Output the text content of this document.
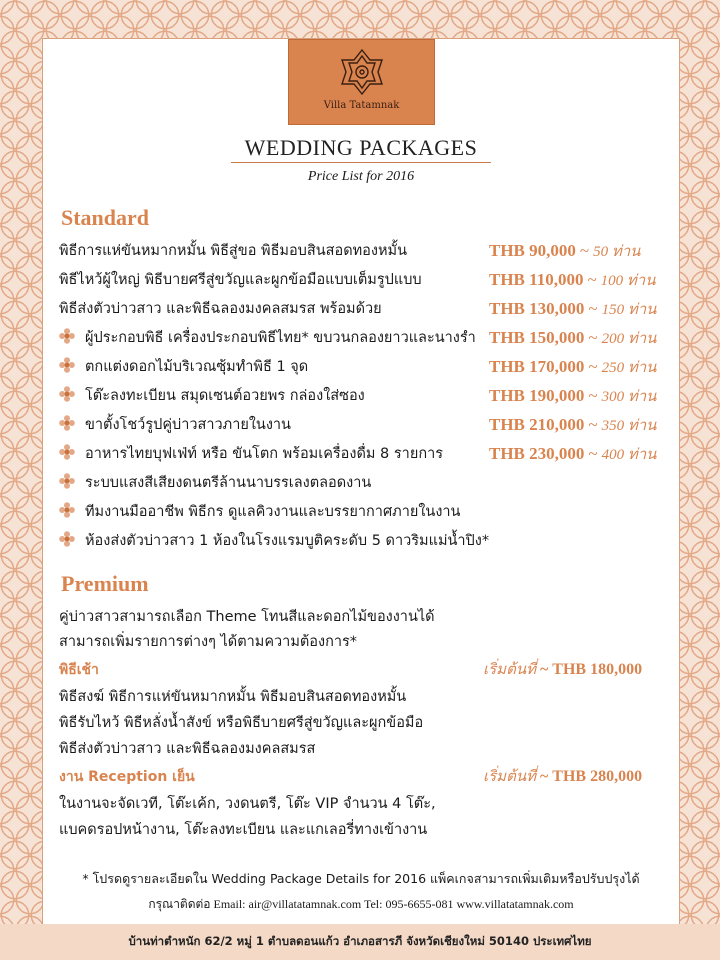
Villa Tatamnak
WEDDING PACKAGES
Price List for 2016
Standard
พิธีการแห่ขันหมากหมั้น พิธีสู่ขอ พิธีมอบสินสอดทองหมั้น	THB 90,000 ~ 50 ท่าน
พิธีไหว้ผู้ใหญ่ พิธีบายศรีสู่ขวัญและผูกข้อมือแบบเต็มรูปแบบ	THB 110,000 ~ 100 ท่าน
พิธีส่งตัวบ่าวสาว และพิธีฉลองมงคลสมรส พร้อมด้วย	THB 130,000 ~ 150 ท่าน
ผู้ประกอบพิธี เครื่องประกอบพิธีไทย* ขบวนกลองยาวและนางรำ THB 150,000 ~ 200 ท่าน
ตกแต่งดอกไม้บริเวณซุ้มทำพิธี 1 จุด	THB 170,000 ~ 250 ท่าน
โต๊ะลงทะเบียน สมุดเซนต์อวยพร กล่องใส่ซอง	THB 190,000 ~ 300 ท่าน
ขาตั้งโชว์รูปคู่บ่าวสาวภายในงาน	THB 210,000 ~ 350 ท่าน
อาหารไทยบุฟเฟ่ท์ หรือ ขันโตก พร้อมเครื่องดื่ม 8 รายการ	THB 230,000 ~ 400 ท่าน
ระบบแสงสีเสียงดนตรีล้านนาบรรเลงตลอดงาน
ทีมงานมืออาชีพ พิธีกร ดูแลคิวงานและบรรยากาศภายในงาน
ห้องส่งตัวบ่าวสาว 1 ห้องในโรงแรมบูติคระดับ 5 ดาวริมแม่น้ำปิง*
Premium
คู่บ่าวสาวสามารถเลือก Theme โทนสีและดอกไม้ของงานได้
สามารถเพิ่มรายการต่างๆ ได้ตามความต้องการ*
พิธีเช้า	เริ่มต้นที่ ~ THB 180,000
พิธีสงฆ์ พิธีการแห่ขันหมากหมั้น พิธีมอบสินสอดทองหมั้น
พิธีรับไหว้ พิธีหลั่งน้ำสังข์ หรือพิธีบายศรีสู่ขวัญและผูกข้อมือ
พิธีส่งตัวบ่าวสาว และพิธีฉลองมงคลสมรส
งาน Reception เย็น	เริ่มต้นที่ ~ THB 280,000
ในงานจะจัดเวที, โต๊ะเค้ก, วงดนตรี, โต๊ะ VIP จำนวน 4 โต๊ะ,
แบคดรอปหน้างาน, โต๊ะลงทะเบียน และแกเลอรี่ทางเข้างาน
* โปรดดูรายละเอียดใน Wedding Package Details for 2016 แพ็คเกจสามารถเพิ่มเติมหรือปรับปรุงได้
กรุณาติดต่อ Email: air@villatatamnak.com Tel: 095-6655-081 www.villatatamnak.com
บ้านท่าตำหนัก 62/2 หมู่ 1 ตำบลดอนแก้ว อำเภอสารภี จังหวัดเชียงใหม่ 50140 ประเทศไทย
